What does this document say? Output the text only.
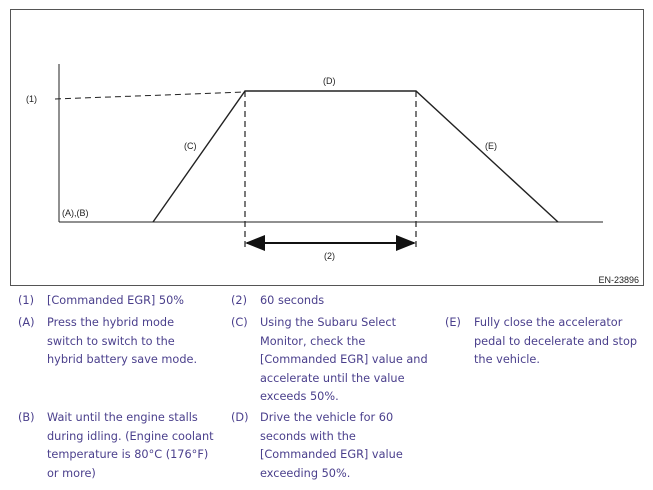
(1)
(A),(B)
(C)
(D)
(E)
(2)
EN-23896
(1) [Commanded EGR] 50%	(2) 60 seconds
(A) Press the hybrid mode
switch to switch to the
hybrid battery save mode.
(C) Using the Subaru Select
Monitor, check the
[Commanded EGR] value and
accelerate until the value
exceeds 50%.
(E) Fully close the accelerator
pedal to decelerate and stop
the vehicle.
(B) Wait until the engine stalls
during idling. (Engine coolant
temperature is 80°C (176°F)
or more)
(D) Drive the vehicle for 60
seconds with the
[Commanded EGR] value
exceeding 50%.
